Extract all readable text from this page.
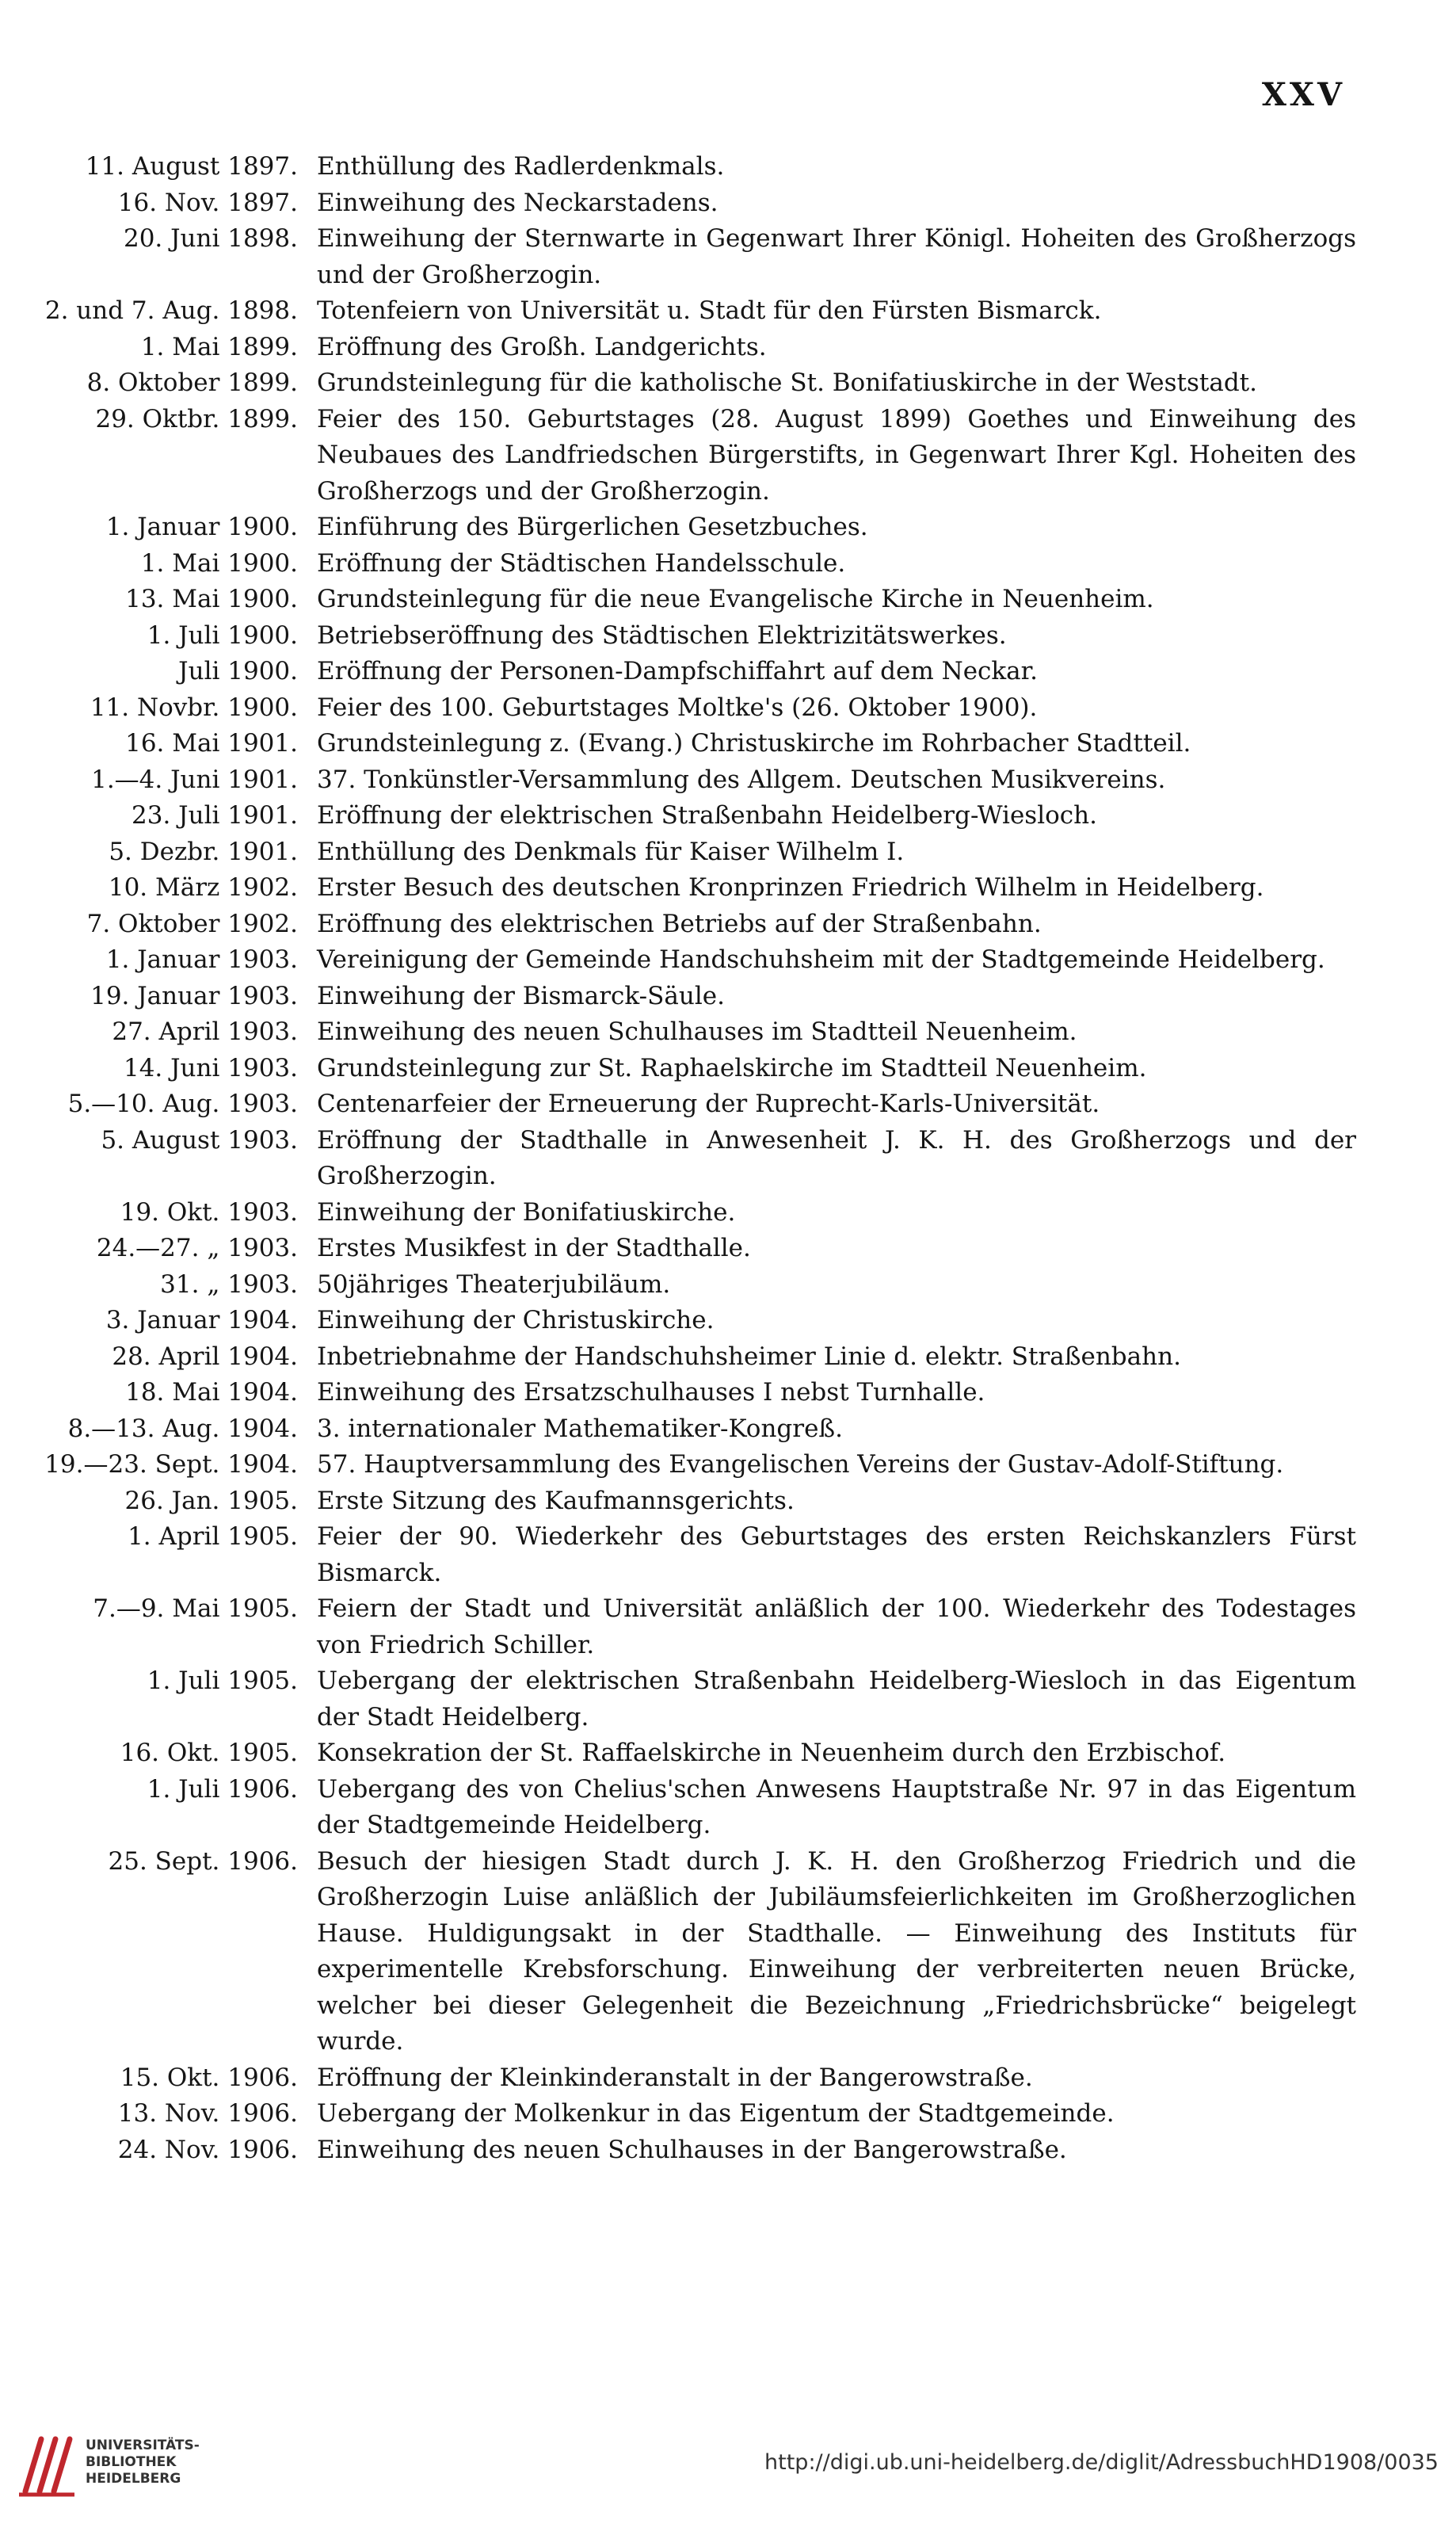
XXV
11. August 1897. Enthüllung des Radlerdenkmals.
16. Nov. 1897. Einweihung des Neckarstadens.
20. Juni 1898. Einweihung der Sternwarte in Gegenwart Ihrer Königl. Hoheiten des Großherzogs und der Großherzogin.
2. und 7. Aug. 1898. Totenfeiern von Universität u. Stadt für den Fürsten Bismarck.
1. Mai 1899. Eröffnung des Großh. Landgerichts.
8. Oktober 1899. Grundsteinlegung für die katholische St. Bonifatiuskirche in der Weststadt.
29. Oktbr. 1899. Feier des 150. Geburtstages (28. August 1899) Goethes und Einweihung des Neubaues des Landfriedschen Bürgerstifts, in Gegenwart Ihrer Kgl. Hoheiten des Großherzogs und der Großherzogin.
1. Januar 1900. Einführung des Bürgerlichen Gesetzbuches.
1. Mai 1900. Eröffnung der Städtischen Handelsschule.
13. Mai 1900. Grundsteinlegung für die neue Evangelische Kirche in Neuenheim.
1. Juli 1900. Betriebseröffnung des Städtischen Elektrizitätswerkes.
Juli 1900. Eröffnung der Personen-Dampfschiffahrt auf dem Neckar.
11. Novbr. 1900. Feier des 100. Geburtstages Moltke's (26. Oktober 1900).
16. Mai 1901. Grundsteinlegung z. (Evang.) Christuskirche im Rohrbacher Stadtteil.
1.—4. Juni 1901. 37. Tonkünstler-Versammlung des Allgem. Deutschen Musikvereins.
23. Juli 1901. Eröffnung der elektrischen Straßenbahn Heidelberg-Wiesloch.
5. Dezbr. 1901. Enthüllung des Denkmals für Kaiser Wilhelm I.
10. März 1902. Erster Besuch des deutschen Kronprinzen Friedrich Wilhelm in Heidelberg.
7. Oktober 1902. Eröffnung des elektrischen Betriebs auf der Straßenbahn.
1. Januar 1903. Vereinigung der Gemeinde Handschuhsheim mit der Stadtgemeinde Heidelberg.
19. Januar 1903. Einweihung der Bismarck-Säule.
27. April 1903. Einweihung des neuen Schulhauses im Stadtteil Neuenheim.
14. Juni 1903. Grundsteinlegung zur St. Raphaelskirche im Stadtteil Neuenheim.
5.—10. Aug. 1903. Centenarfeier der Erneuerung der Ruprecht-Karls-Universität.
5. August 1903. Eröffnung der Stadthalle in Anwesenheit J. K. H. des Großherzogs und der Großherzogin.
19. Okt. 1903. Einweihung der Bonifatiuskirche.
24.—27. „ 1903. Erstes Musikfest in der Stadthalle.
31. „ 1903. 50jähriges Theaterjubiläum.
3. Januar 1904. Einweihung der Christuskirche.
28. April 1904. Inbetriebnahme der Handschuhsheimer Linie d. elektr. Straßenbahn.
18. Mai 1904. Einweihung des Ersatzschulhauses I nebst Turnhalle.
8.—13. Aug. 1904. 3. internationaler Mathematiker-Kongreß.
19.—23. Sept. 1904. 57. Hauptversammlung des Evangelischen Vereins der Gustav-Adolf-Stiftung.
26. Jan. 1905. Erste Sitzung des Kaufmannsgerichts.
1. April 1905. Feier der 90. Wiederkehr des Geburtstages des ersten Reichskanzlers Fürst Bismarck.
7.—9. Mai 1905. Feiern der Stadt und Universität anläßlich der 100. Wiederkehr des Todestages von Friedrich Schiller.
1. Juli 1905. Uebergang der elektrischen Straßenbahn Heidelberg-Wiesloch in das Eigentum der Stadt Heidelberg.
16. Okt. 1905. Konsekration der St. Raffaelskirche in Neuenheim durch den Erzbischof.
1. Juli 1906. Uebergang des von Chelius'schen Anwesens Hauptstraße Nr. 97 in das Eigentum der Stadtgemeinde Heidelberg.
25. Sept. 1906. Besuch der hiesigen Stadt durch J. K. H. den Großherzog Friedrich und die Großherzogin Luise anläßlich der Jubiläumsfeierlichkeiten im Großherzoglichen Hause. Huldigungsakt in der Stadthalle. — Einweihung des Instituts für experimentelle Krebsforschung. Einweihung der verbreiterten neuen Brücke, welcher bei dieser Gelegenheit die Bezeichnung „Friedrichsbrücke“ beigelegt wurde.
15. Okt. 1906. Eröffnung der Kleinkinderanstalt in der Bangerowstraße.
13. Nov. 1906. Uebergang der Molkenkur in das Eigentum der Stadtgemeinde.
24. Nov. 1906. Einweihung des neuen Schulhauses in der Bangerowstraße.
UNIVERSITÄTS-
BIBLIOTHEK
HEIDELBERG
http://digi.ub.uni-heidelberg.de/diglit/AdressbuchHD1908/0035
